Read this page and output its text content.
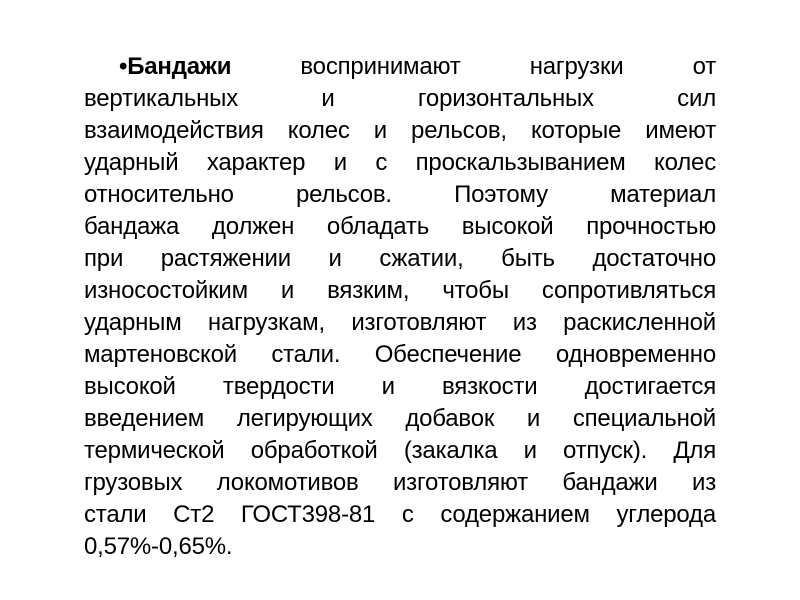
•Бандажи	воспринимают нагрузки от
вертикальных и горизонтальных сил
взаимодействия колес и рельсов, которые имеют
ударный характер и с проскальзыванием колес
относительно рельсов. Поэтому материал
бандажа должен обладать высокой прочностью
при растяжении и сжатии, быть достаточно
износостойким и вязким, чтобы сопротивляться
ударным нагрузкам, изготовляют из раскисленной
мартеновской стали. Обеспечение одновременно
высокой твердости и вязкости достигается
введением легирующих добавок и специальной
термической обработкой (закалка и отпуск). Для
грузовых локомотивов изготовляют бандажи из
стали Ст2 ГОСТ398-81 с содержанием углерода
0,57%-0,65%.
